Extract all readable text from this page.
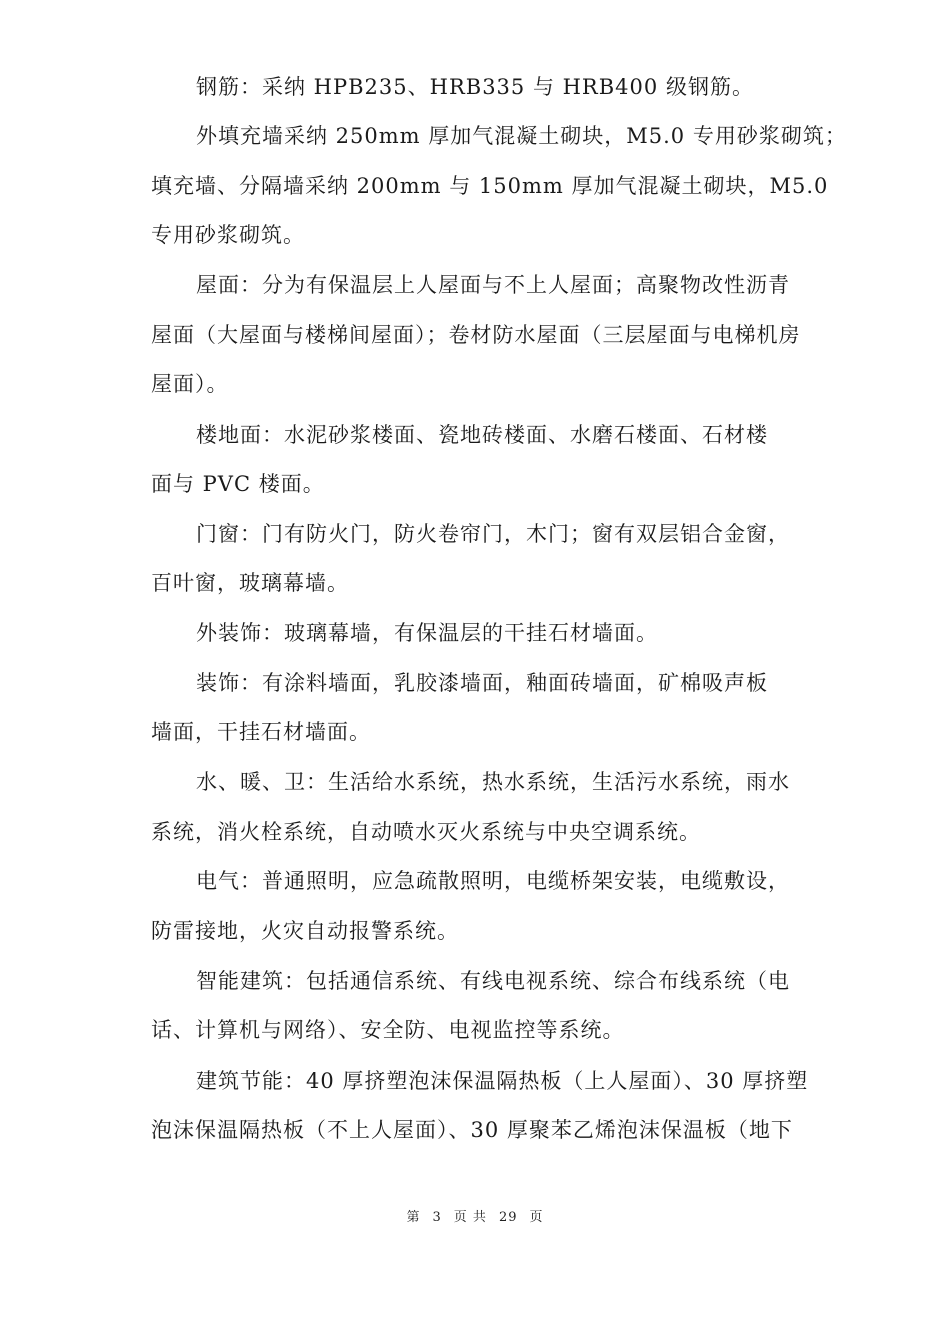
钢筋：采纳 HPB235、HRB335 与 HRB400 级钢筋。
外填充墙采纳 250mm 厚加气混凝土砌块，M5.0 专用砂浆砌筑；
填充墙、分隔墙采纳 200mm 与 150mm 厚加气混凝土砌块，M5.0
专用砂浆砌筑。
屋面：分为有保温层上人屋面与不上人屋面；高聚物改性沥青
屋面（大屋面与楼梯间屋面）；卷材防水屋面（三层屋面与电梯机房
屋面）。
楼地面：水泥砂浆楼面、瓷地砖楼面、水磨石楼面、石材楼
面与 PVC 楼面。
门窗：门有防火门，防火卷帘门，木门；窗有双层铝合金窗，
百叶窗，玻璃幕墙。
外装饰：玻璃幕墙，有保温层的干挂石材墙面。
装饰：有涂料墙面，乳胶漆墙面，釉面砖墙面，矿棉吸声板
墙面，干挂石材墙面。
水、暖、卫：生活给水系统，热水系统，生活污水系统，雨水
系统，消火栓系统，自动喷水灭火系统与中央空调系统。
电气：普通照明，应急疏散照明，电缆桥架安装，电缆敷设，
防雷接地，火灾自动报警系统。
智能建筑：包括通信系统、有线电视系统、综合布线系统（电
话、计算机与网络）、安全防、电视监控等系统。
建筑节能：40 厚挤塑泡沫保温隔热板（上人屋面）、30 厚挤塑
泡沫保温隔热板（不上人屋面）、30 厚聚苯乙烯泡沫保温板（地下
第 3 页 共 29 页
